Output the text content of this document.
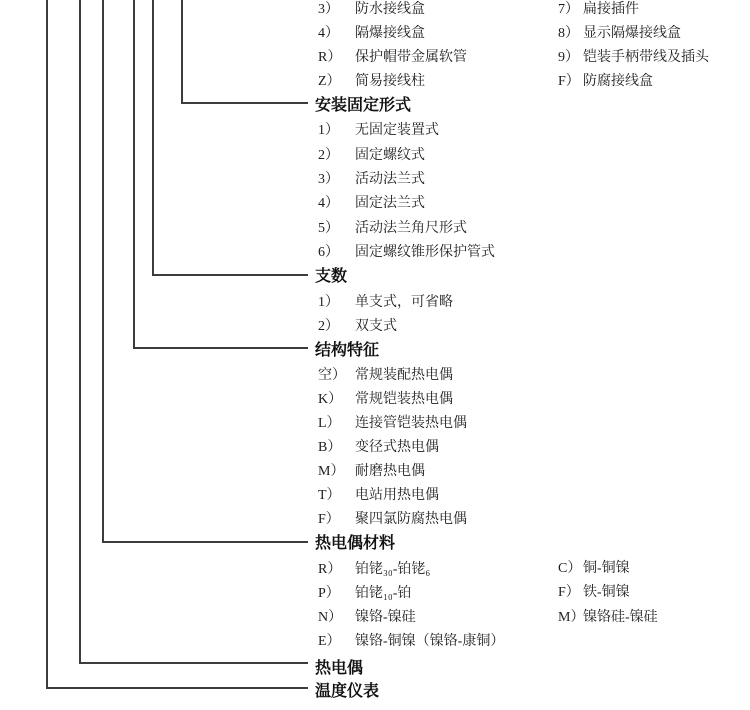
3） 防水接线盒
4） 隔爆接线盒
R） 保护帽带金属软管
Z） 简易接线柱
7） 扁接插件
8） 显示隔爆接线盒
9） 铠装手柄带线及插头
F） 防腐接线盒
安装固定形式
1） 无固定装置式
2） 固定螺纹式
3） 活动法兰式
4） 固定法兰式
5） 活动法兰角尺形式
6） 固定螺纹锥形保护管式
支数
1） 单支式，可省略
2） 双支式
结构特征
空） 常规装配热电偶
K） 常规铠装热电偶
L） 连接管铠装热电偶
B） 变径式热电偶
M） 耐磨热电偶
T） 电站用热电偶
F） 聚四氯防腐热电偶
热电偶材料
R） 铂铑₃₀-铂铑₆
P） 铂铑₁₀-铂
N） 镍铬-镍硅
E） 镍铬-铜镍（镍铬-康铜）
C） 铜-铜镍
F） 铁-铜镍
M）镍铬硅-镍硅
热电偶
温度仪表
